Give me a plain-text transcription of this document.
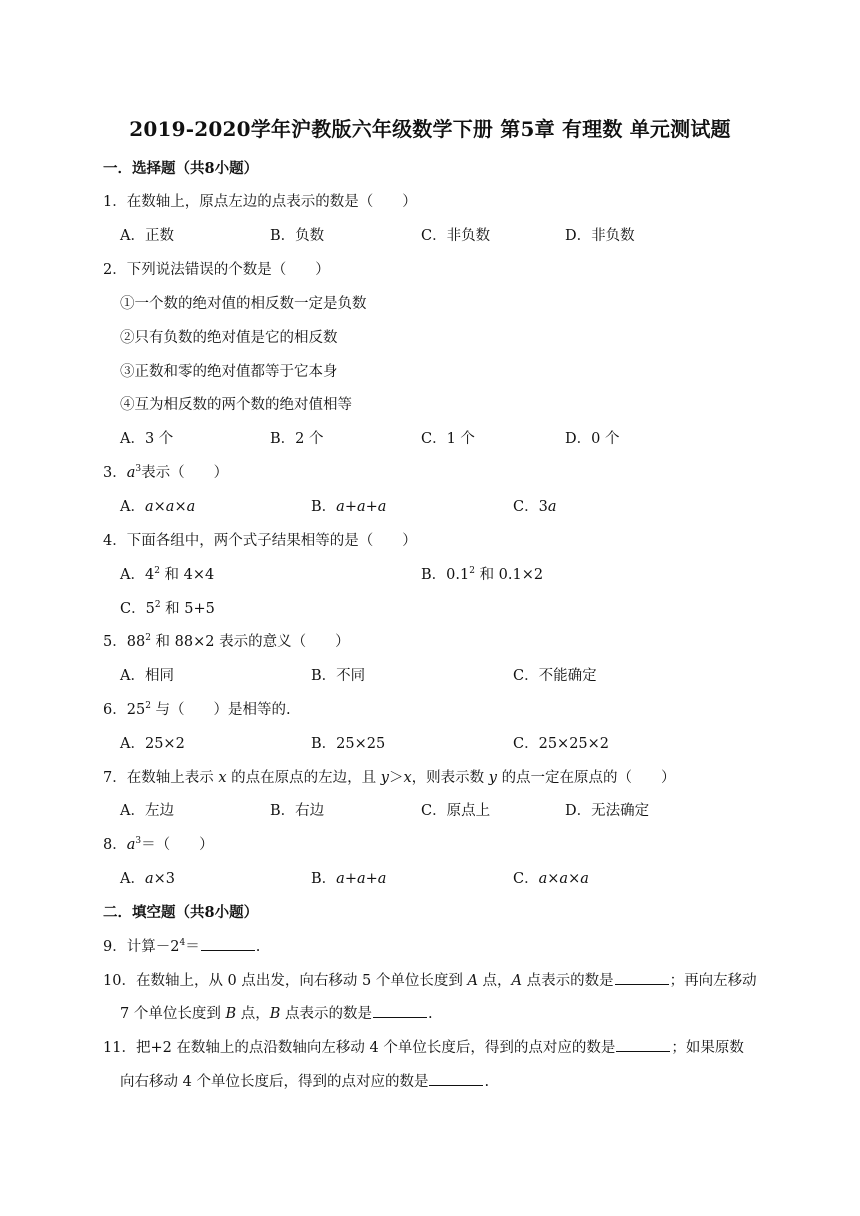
2019-2020学年沪教版六年级数学下册 第5章 有理数 单元测试题
一．选择题（共8小题）
1．在数轴上，原点左边的点表示的数是（　　）
A．正数	B．负数	C．非负数	D．非负数
2．下列说法错误的个数是（　　）
①一个数的绝对值的相反数一定是负数
②只有负数的绝对值是它的相反数
③正数和零的绝对值都等于它本身
④互为相反数的两个数的绝对值相等
A．3 个	B．2 个	C．1 个	D．0 个
3．$a^3$表示（　　）
A．a×a×a	B．a+a+a	C．3a
4．下面各组中，两个式子结果相等的是（　　）
A．$4^2$ 和 4×4	B．$0.1^2$ 和 0.1×2
C．$5^2$ 和 5+5
5．$88^2$ 和 88×2 表示的意义（　　）
A．相同	B．不同	C．不能确定
6．$25^2$ 与（　　）是相等的.
A．25×2	B．25×25	C．25×25×2
7．在数轴上表示 x 的点在原点的左边，且 y＞x，则表示数 y 的点一定在原点的（　　）
A．左边	B．右边	C．原点上	D．无法确定
8．$a^3=$（　　）
A．a×3	B．a+a+a	C．a×a×a
二．填空题（共8小题）
9．计算$-2^4=$	.
10．在数轴上，从 0 点出发，向右移动 5 个单位长度到 A 点，A 点表示的数是	；再向左移动
7 个单位长度到 B 点，B 点表示的数是	.
11．把+2 在数轴上的点沿数轴向左移动 4 个单位长度后，得到的点对应的数是	；如果原数
向右移动 4 个单位长度后，得到的点对应的数是	.
